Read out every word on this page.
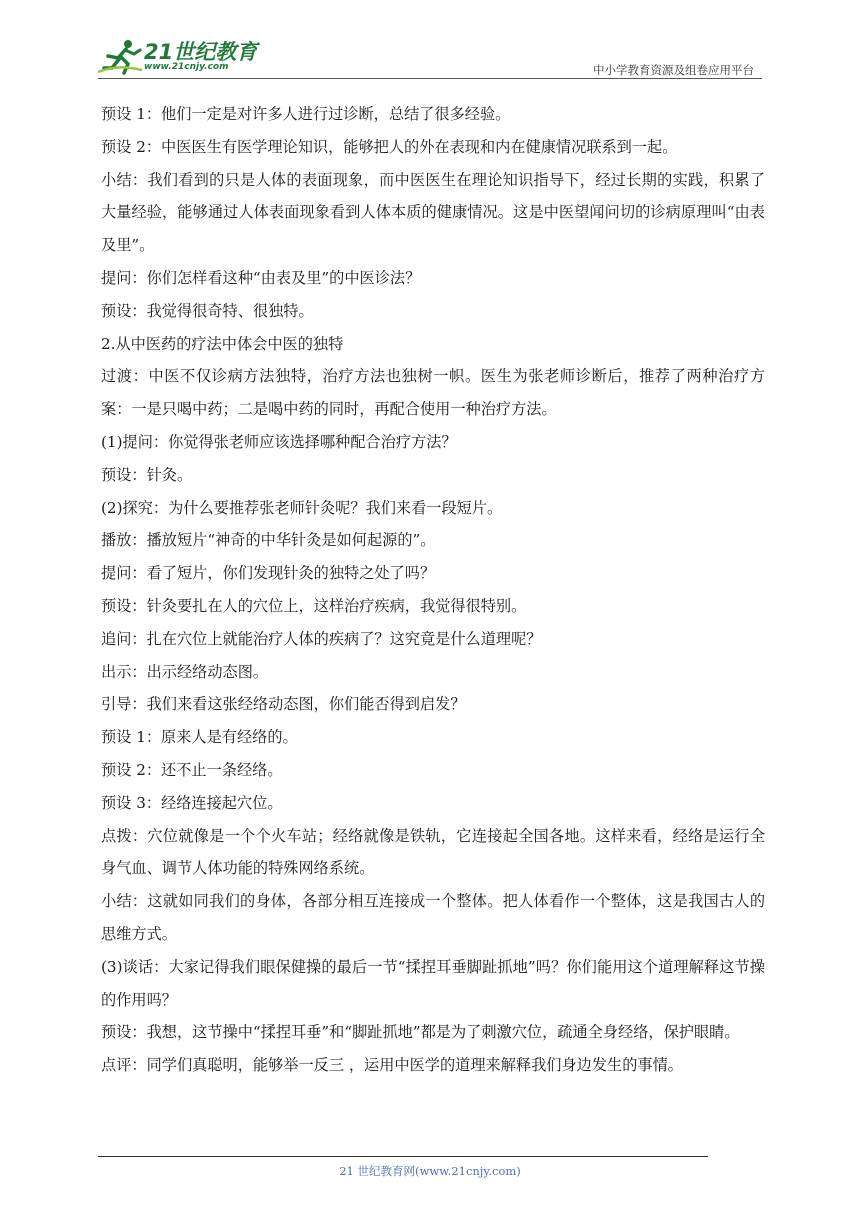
21世纪教育
www.21cnjy.com	中小学教育资源及组卷应用平台

预设 1：他们一定是对许多人进行过诊断，总结了很多经验。

预设 2：中医医生有医学理论知识，能够把人的外在表现和内在健康情况联系到一起。

小结：我们看到的只是人体的表面现象，而中医医生在理论知识指导下，经过长期的实践，积累了大量经验，能够通过人体表面现象看到人体本质的健康情况。这是中医望闻问切的诊病原理叫“由表及里”。

提问：你们怎样看这种“由表及里”的中医诊法？

预设：我觉得很奇特、很独特。

2.从中医药的疗法中体会中医的独特

过渡：中医不仅诊病方法独特，治疗方法也独树一帜。医生为张老师诊断后，推荐了两种治疗方案：一是只喝中药；二是喝中药的同时，再配合使用一种治疗方法。

(1)提问：你觉得张老师应该选择哪种配合治疗方法？

预设：针灸。

(2)探究：为什么要推荐张老师针灸呢？我们来看一段短片。

播放：播放短片“神奇的中华针灸是如何起源的”。

提问：看了短片，你们发现针灸的独特之处了吗？

预设：针灸要扎在人的穴位上，这样治疗疾病，我觉得很特别。

追问：扎在穴位上就能治疗人体的疾病了？这究竟是什么道理呢？

出示：出示经络动态图。

引导：我们来看这张经络动态图，你们能否得到启发？

预设 1：原来人是有经络的。

预设 2：还不止一条经络。

预设 3：经络连接起穴位。

点拨：穴位就像是一个个火车站；经络就像是铁轨，它连接起全国各地。这样来看，经络是运行全身气血、调节人体功能的特殊网络系统。

小结：这就如同我们的身体，各部分相互连接成一个整体。把人体看作一个整体，这是我国古人的思维方式。

(3)谈话：大家记得我们眼保健操的最后一节“揉捏耳垂脚趾抓地”吗？你们能用这个道理解释这节操的作用吗？

预设：我想，这节操中“揉捏耳垂”和“脚趾抓地”都是为了刺激穴位，疏通全身经络，保护眼睛。

点评：同学们真聪明，能够举一反三 ，运用中医学的道理来解释我们身边发生的事情。

21 世纪教育网(www.21cnjy.com)
